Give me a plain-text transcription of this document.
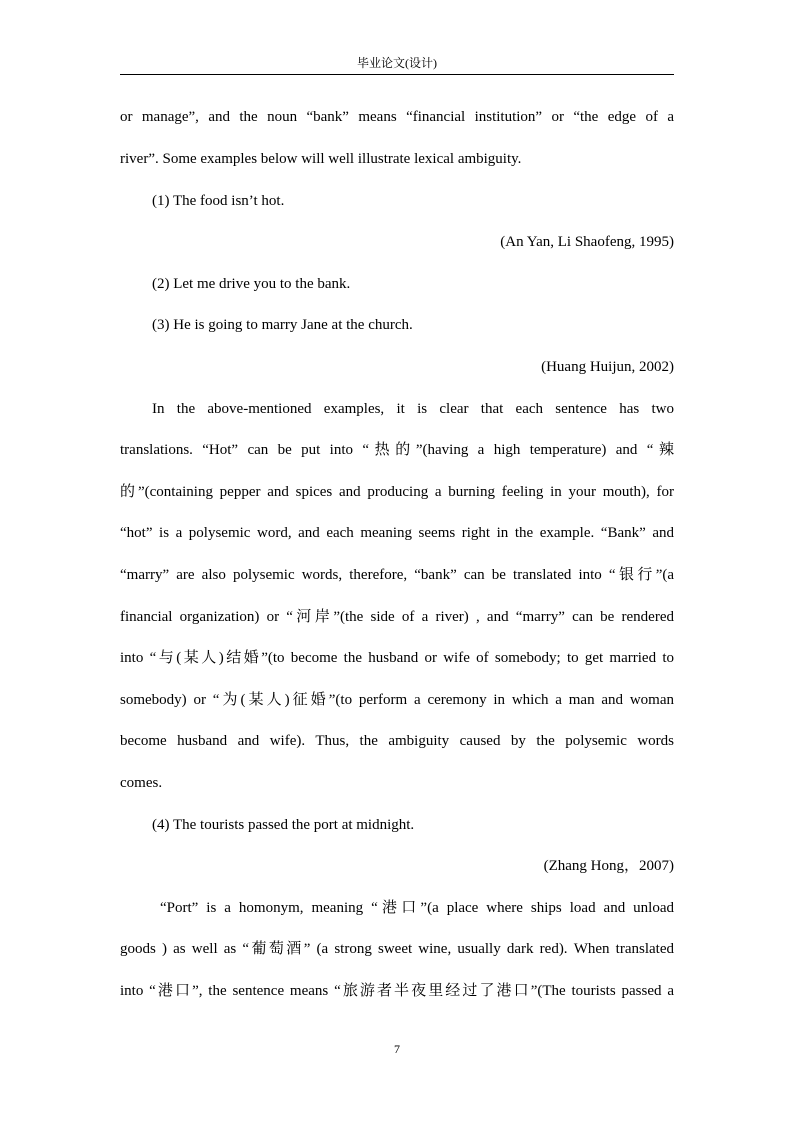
毕业论文(设计)
or manage”, and the noun “bank” means “financial institution” or “the edge of a
river”. Some examples below will well illustrate lexical ambiguity.
(1) The food isn’t hot.
(An Yan, Li Shaofeng, 1995)
(2) Let me drive you to the bank.
(3) He is going to marry Jane at the church.
(Huang Huijun, 2002)
In the above-mentioned examples, it is clear that each sentence has two
translations. “Hot” can be put into “热的”(having a high temperature) and “辣
的”(containing pepper and spices and producing a burning feeling in your mouth), for
“hot” is a polysemic word, and each meaning seems right in the example. “Bank” and
“marry” are also polysemic words, therefore, “bank” can be translated into “银行”(a
financial organization) or “河岸”(the side of a river) , and “marry” can be rendered
into “与(某人)结婚”(to become the husband or wife of somebody; to get married to
somebody) or “为(某人)征婚”(to perform a ceremony in which a man and woman
become husband and wife). Thus, the ambiguity caused by the polysemic words
comes.
(4) The tourists passed the port at midnight.
(Zhang Hong，2007)
“Port” is a homonym, meaning “港口”(a place where ships load and unload
goods ) as well as “葡萄酒” (a strong sweet wine, usually dark red). When translated
into “港口”, the sentence means “旅游者半夜里经过了港口”(The tourists passed a
7
